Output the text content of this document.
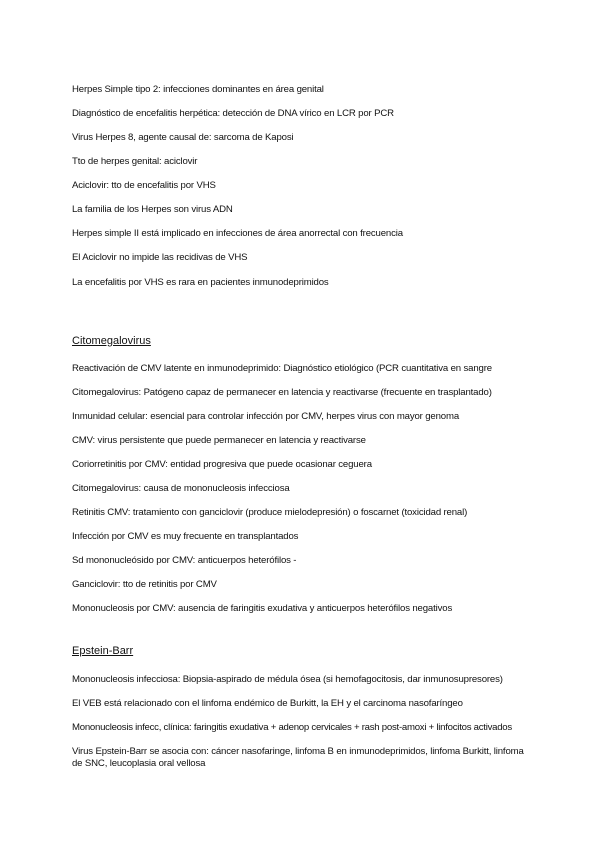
Herpes Simple tipo 2: infecciones dominantes en área genital
Diagnóstico de encefalitis herpética: detección de DNA vírico en LCR por PCR
Virus Herpes 8, agente causal de: sarcoma de Kaposi
Tto de herpes genital: aciclovir
Aciclovir: tto de encefalitis por VHS
La familia de los Herpes son virus ADN
Herpes simple II está implicado en infecciones de área anorrectal con frecuencia
El Aciclovir no impide las recidivas de VHS
La encefalitis por VHS es rara en pacientes inmunodeprimidos
Citomegalovirus
Reactivación de CMV latente en inmunodeprimido: Diagnóstico etiológico (PCR cuantitativa en sangre
Citomegalovirus: Patógeno capaz de permanecer en latencia y reactivarse (frecuente en trasplantado)
Inmunidad celular: esencial para controlar infección por CMV, herpes virus con mayor genoma
CMV: virus persistente que puede permanecer en latencia y reactivarse
Coriorretinitis por CMV: entidad progresiva que puede ocasionar ceguera
Citomegalovirus: causa de mononucleosis infecciosa
Retinitis CMV: tratamiento con ganciclovir (produce mielodepresión) o foscarnet (toxicidad renal)
Infección por CMV es muy frecuente en transplantados
Sd mononucleósido por CMV: anticuerpos heterófilos -
Ganciclovir: tto de retinitis por CMV
Mononucleosis por CMV: ausencia de faringitis exudativa y anticuerpos heterófilos negativos
Epstein-Barr
Mononucleosis infecciosa: Biopsia-aspirado de médula ósea (si hemofagocitosis, dar inmunosupresores)
El VEB está relacionado con el linfoma endémico de Burkitt, la EH y el carcinoma nasofaríngeo
Mononucleosis infecc, clínica: faringitis exudativa + adenop cervicales + rash post-amoxi + linfocitos activados
Virus Epstein-Barr se asocia con: cáncer nasofaringe, linfoma B en inmunodeprimidos, linfoma Burkitt, linfoma de SNC, leucoplasia oral vellosa
